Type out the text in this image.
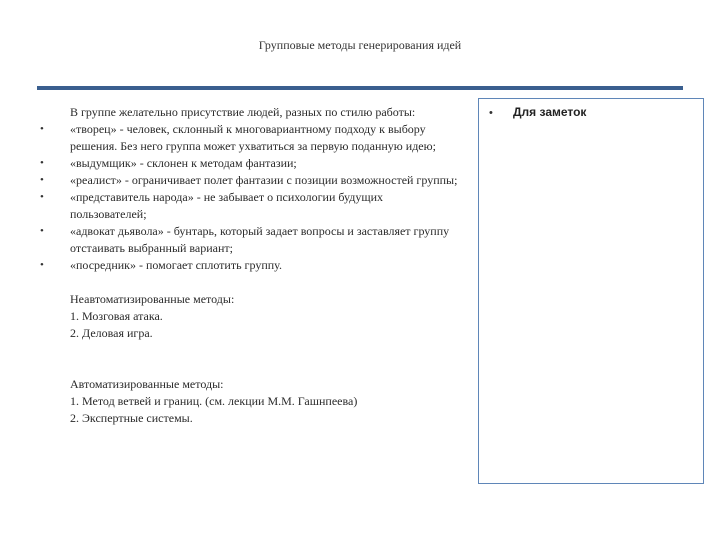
Групповые методы генерирования идей

В группе желательно присутствие людей, разных по стилю работы:

• «творец» - человек, склонный к многовариантному подходу к выбору решения. Без него группа может ухватиться за первую поданную идею;
• «выдумщик» - склонен к методам фантазии;
• «реалист» - ограничивает полет фантазии с позиции возможностей группы;
• «представитель народа» - не забывает о психологии будущих пользователей;
• «адвокат дьявола» - бунтарь, который задает вопросы и заставляет группу отстаивать выбранный вариант;
• «посредник» - помогает сплотить группу.

Неавтоматизированные методы:

1. Мозговая атака.

2. Деловая игра.

Автоматизированные методы:

1. Метод ветвей и границ. (см. лекции М.М. Гашнпеева)

2. Экспертные системы.

• Для заметок
